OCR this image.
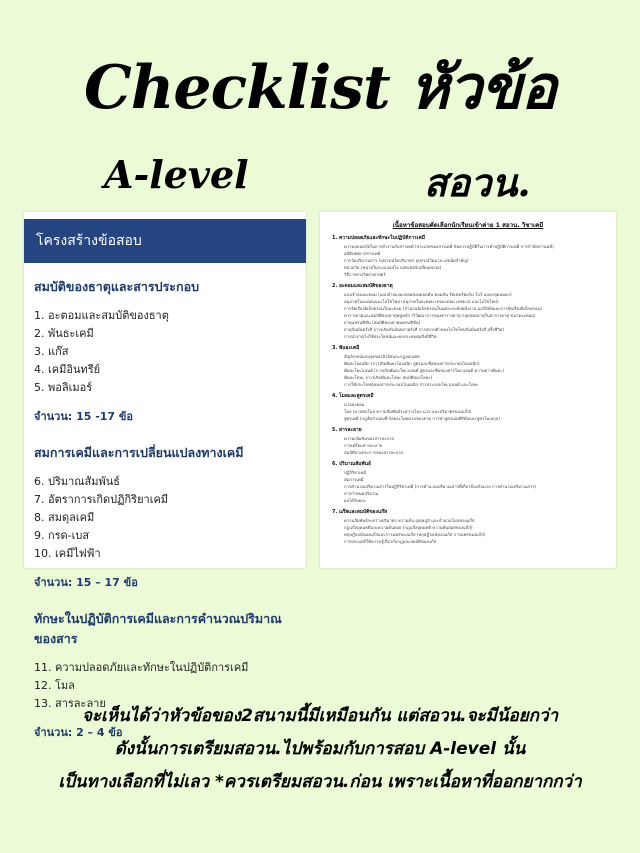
Checklist หัวข้อ
A-level	สอวน.
โครงสร้างข้อสอบ
สมบัติของธาตุและสารประกอบ
1. อะตอมและสมบัติของธาตุ
2. พันธะเคมี
3. แก๊ส
4. เคมีอินทรีย์
5. พอลิเมอร์
จำนวน: 15 -17 ข้อ
สมการเคมีและการเปลี่ยนแปลงทางเคมี
6. ปริมาณสัมพันธ์
7. อัตราการเกิดปฏิกิริยาเคมี
8. สมดุลเคมี
9. กรด-เบส
10. เคมีไฟฟ้า
จำนวน: 15 – 17 ข้อ
ทักษะในปฏิบัติการเคมีและการคำนวณปริมาณของสาร
11. ความปลอดภัยและทักษะในปฏิบัติการเคมี
12. โมล
13. สารละลาย
จำนวน: 2 – 4 ข้อ
เนื้อหาข้อสอบคัดเลือกนักเรียนเข้าค่าย 1 สอวน. วิชาเคมี
1. ความปลอดภัยและทักษะในปฏิบัติการเคมี
ความปลอดภัยในการทำงานกับสารเคมี (ประเภทของสารเคมี ข้อควรปฏิบัติในการทำปฏิบัติการเคมี การกำจัดสารเคมี)
อุปัติเหตุจากสารเคมี
การวัดปริมาณสาร (อุปกรณ์วัดปริมาตร อุปกรณ์วัดมวล เลขนัยสำคัญ)
หน่วยวัด (หน่วยในระบบเอสไอ แฟกเตอร์เปลี่ยนหน่วย)
วิธีการทางวิทยาศาสตร์
2. อะตอมและสมบัติของธาตุ
แบบจำลองอะตอม (แบบจำลองอะตอมของดอลตัน ทอมสัน รัทเทอร์ฟอร์ด โบร์ แบบกลุ่มหมอก)
อนุภาคในอะตอมและไอโซโทป (อนุภาคในอะตอม เลขอะตอม เลขมวล และไอโซโทป)
การจัดเรียงอิเล็กตรอนในอะตอม (จำนวนอิเล็กตรอนในแต่ละระดับพลังงาน ออร์บิทัลและการจัดเรียงอิเล็กตรอน)
ตารางธาตุและสมบัติของธาตุหมู่หลัก (วิวัฒนาการของตารางธาตุ กลุ่มของธาตุในตารางธาตุ ขนาดอะตอม)
ธาตุแทรนซิชัน (สมบัติของธาตุแทรนซิชัน)
ธาตุกัมมันตรังสี (การเกิดกัมมันตภาพรังสี การสลายตัวของไอโซโทปกัมมันตรังสี ครึ่งชีวิต)
การนำธาตุไปใช้ประโยชน์และผลกระทบต่อสิ่งมีชีวิต
3. พันธะเคมี
สัญลักษณ์แบบจุดของลิวอิสและกฎออกเตต
พันธะไอออนิก (การเกิดพันธะไอออนิก สูตรและชื่อของสารประกอบไอออนิก)
พันธะโคเวเลนต์ (การเกิดพันธะโคเวเลนต์ สูตรและชื่อของสารโคเวเลนต์ ความยาวพันธะ)
พันธะโลหะ (การเกิดพันธะโลหะ สมบัติของโลหะ)
การใช้ประโยชน์ของสารประกอบไอออนิก สารประกอบโคเวเลนต์ และโลหะ
4. โมลและสูตรเคมี
มวลอะตอม
โมล (มวลต่อโมล ความสัมพันธ์ระหว่างโมล มวล และปริมาตรของแก๊ส)
สูตรเคมี (กฎสัดส่วนคงที่ ร้อยละโดยมวลของธาตุ การหาสูตรเอมพิริคัลและสูตรโมเลกุล)
5. สารละลาย
ความเข้มข้นของสารละลาย
การเตรียมสารละลาย
สมบัติบางประการของสารละลาย
6. ปริมาณสัมพันธ์
ปฏิกิริยาเคมี
สมการเคมี
การคำนวณปริมาณสารในปฏิกิริยาเคมี (การคำนวณปริมาณสารที่เกี่ยวข้องกับมวล การคำนวณปริมาณสาร)
สารกำหนดปริมาณ
ผลได้ร้อยละ
7. แก๊สและสมบัติของแก๊ส
ความสัมพันธ์ระหว่างปริมาตร ความดัน อุณหภูมิ และจำนวนโมลของแก๊ส
กฎแก๊สอุดมคติและความดันย่อย (กฎแก๊สอุดมคติ ความดันย่อยของแก๊ส)
ทฤษฎีจลน์ของแก๊สและการแพร่ของแก๊ส (ทฤษฎีจลน์ของแก๊ส การแพร่ของแก๊ส)
การประยุกต์ใช้ความรู้เกี่ยวกับกฎและสมบัติของแก๊ส
จะเห็นได้ว่าหัวข้อของ2สนามนี้มีเหมือนกัน แต่สอวน.จะมีน้อยกว่า
ดังนั้นการเตรียมสอวน.ไปพร้อมกับการสอบ A-level นั้น
เป็นทางเลือกที่ไม่เลว *ควรเตรียมสอวน.ก่อน เพราะเนื้อหาที่ออกยากกว่า
